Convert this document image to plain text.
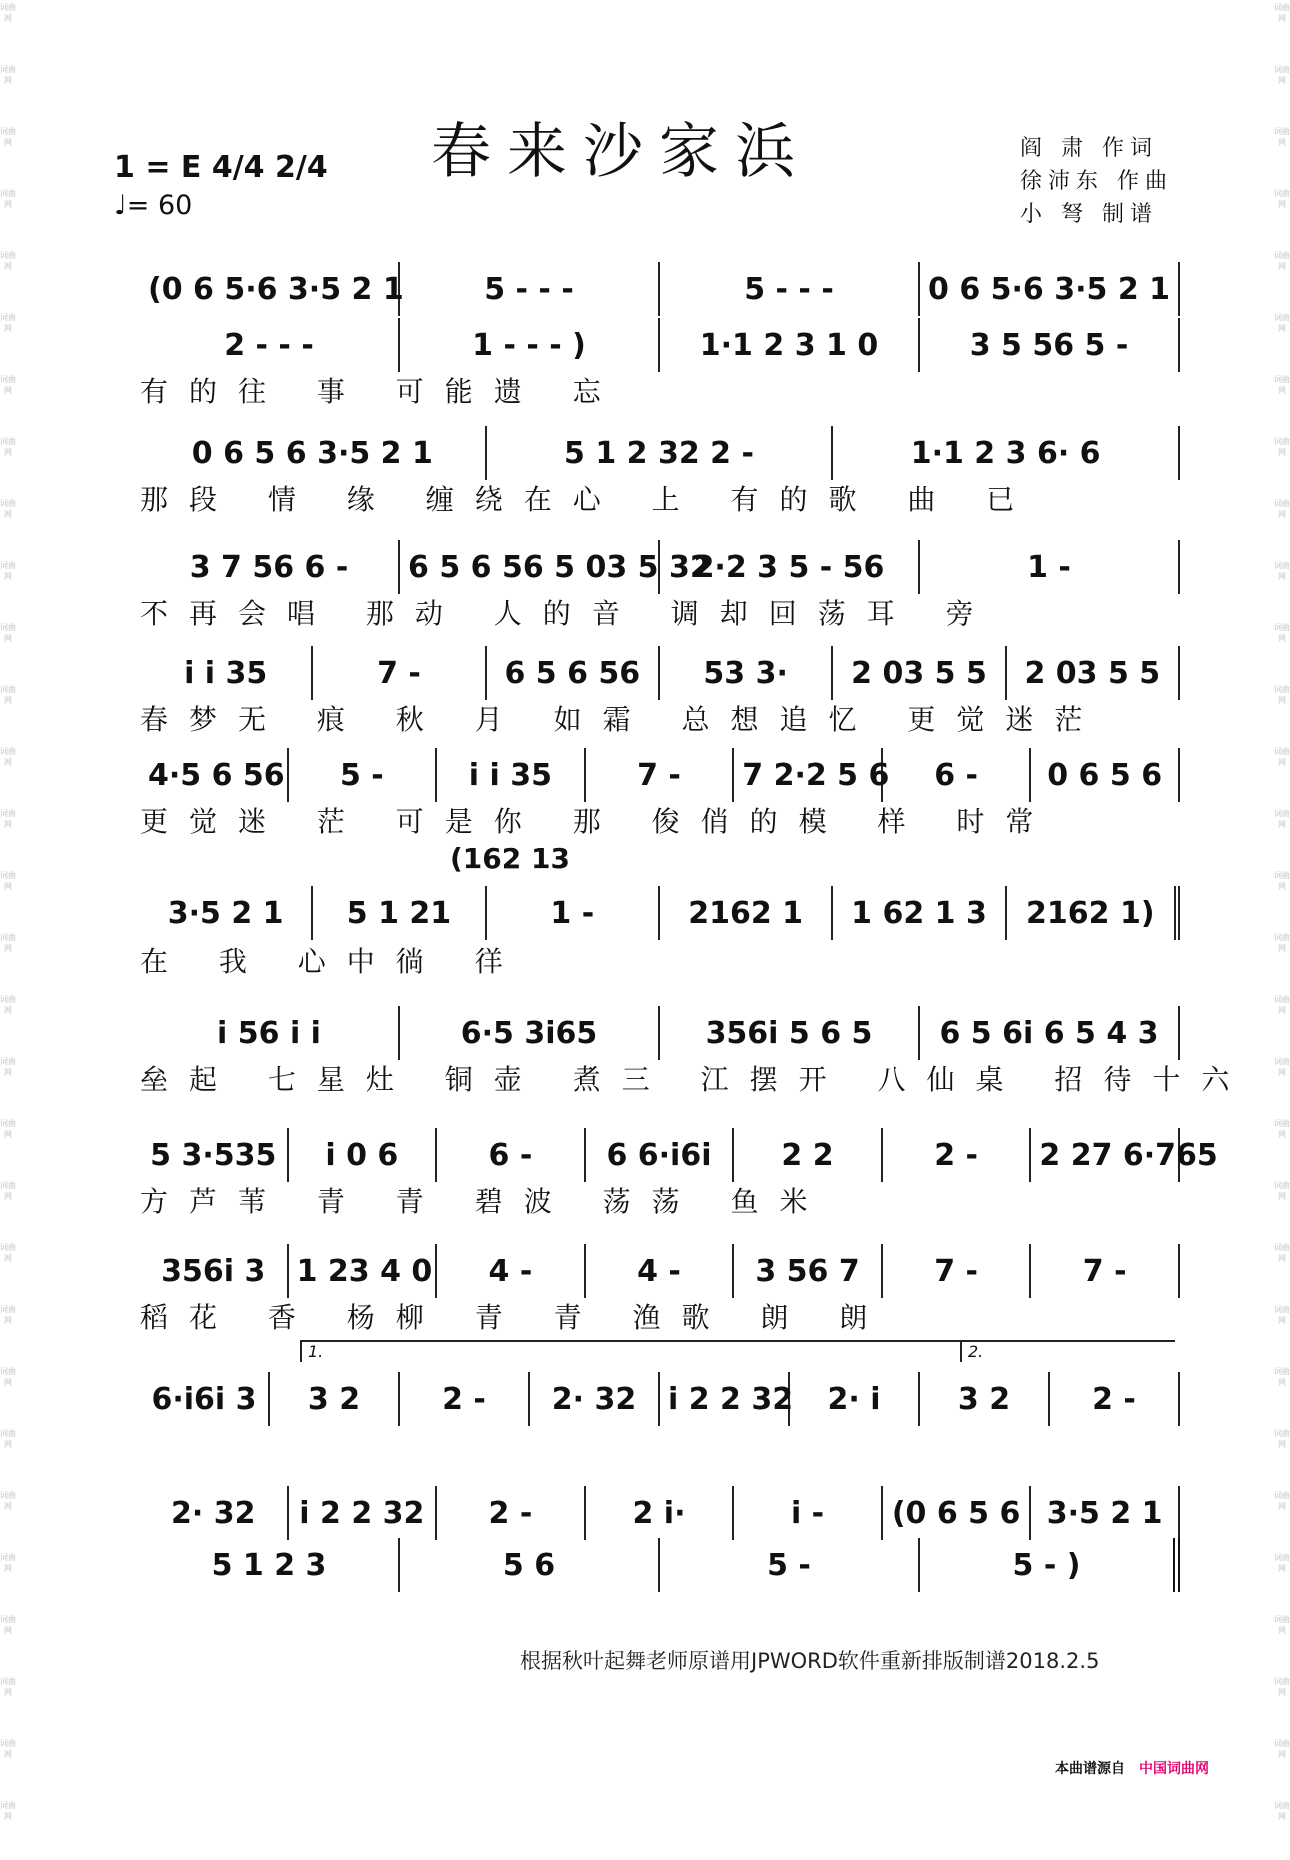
词曲网
词曲网
词曲网
词曲网
词曲网
词曲网
词曲网
词曲网
词曲网
词曲网
词曲网
词曲网
词曲网
词曲网
词曲网
词曲网
词曲网
词曲网
词曲网
词曲网
词曲网
词曲网
词曲网
词曲网
词曲网
词曲网
词曲网
词曲网
词曲网
词曲网
词曲网
词曲网
词曲网
词曲网
词曲网
词曲网
词曲网
词曲网
词曲网
词曲网
词曲网
词曲网
词曲网
词曲网
词曲网
词曲网
词曲网
词曲网
词曲网
词曲网
词曲网
词曲网
词曲网
词曲网
词曲网
词曲网
词曲网
词曲网
词曲网
词曲网
春来沙家浜
1 = E 4/4 2/4
♩= 60
阎 肃 作词
徐沛东 作曲
小 弩 制谱
(0 6 5·6 3·5 2 1	5 - - -	5 - - -	0 6 5·6 3·5 2 1
2 - - -	1 - - - )	1·1 2 3 1 0	3 5 56 5 -
有的往 事 可能遗 忘
0 6 5 6 3·5 2 1	5 1 2 32 2 -	1·1 2 3 6· 6
那段 情 缘 缠绕在心 上 有的歌 曲 已
3 7 56 6 -	6 5 6 56 5 03 5 32
2·2 3 5 - 56	1 -
不再会唱 那动 人的音 调却回荡耳 旁
i i 35	7 -	6 5 6 56	53 3·	2 03 5 5	2 03 5 5
春梦无 痕 秋 月 如霜 总想追忆 更觉迷茫
4·5 6 56	5 -	i i 35	7 -	7 2·2 5 6	6 -	0 6 5 6
更觉迷 茫 可是你 那 俊俏的模 样 时常
3·5 2 1	5 1 21	1 -	2162 1	1 62 1 3	2162 1)
在 我 心中徜 徉
i 56 i i	6·5 3i65	356i 5 6 5	6 5 6i 6 5 4 3
垒起 七星灶 铜壶 煮三 江摆开 八仙桌 招待十六
5 3·535	i 0 6	6 -	6 6·i6i	2 2	2 -	2 27 6·765
方芦苇 青 青 碧波 荡荡 鱼米
356i 3	1 23 4 0	4 -	4 -	3 56 7	7 -	7 -
稻花 香 杨柳 青 青 渔歌 朗 朗
6·i6i 3	3 2	2 -	2· 32	i 2 2 32	2· i	3 2	2 -
2· 32	i 2 2 32	2 -	2 i·	i -	(0 6 5 6 3·5 2 1
5 1 2 3	5 6	5 -	5 - )
(162 13
1.	2.
根据秋叶起舞老师原谱用JPWORD软件重新排版制谱2018.2.5
本曲谱源自 中国词曲网
